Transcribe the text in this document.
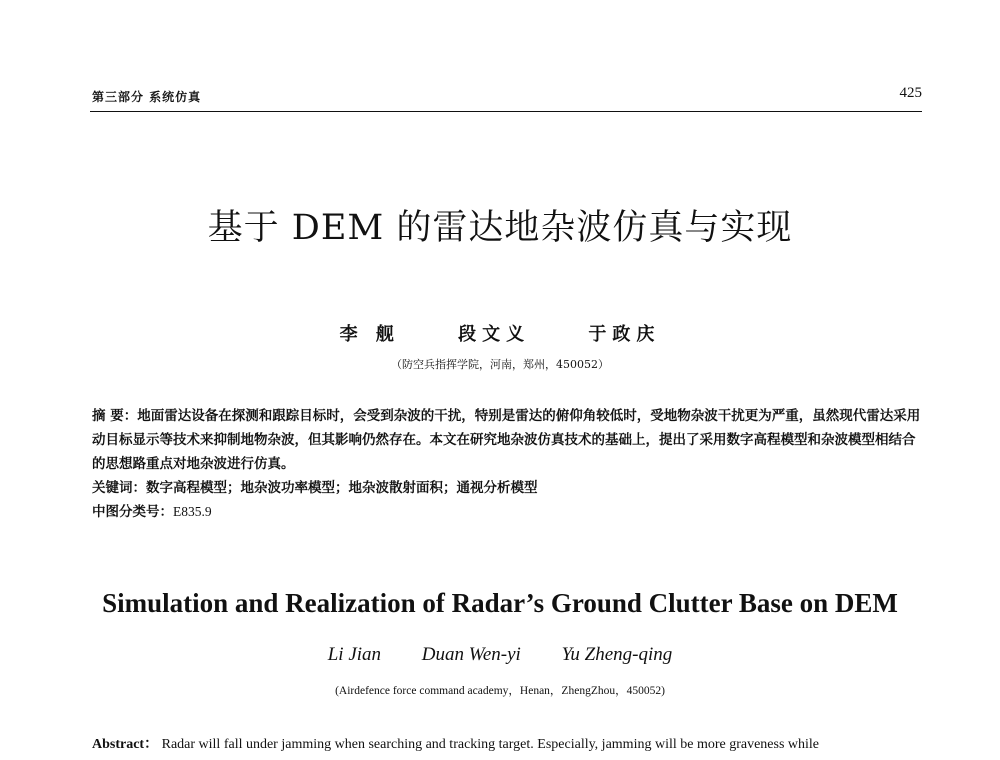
第三部分 系统仿真	425
基于 DEM 的雷达地杂波仿真与实现
李 舰	段文义	于政庆
（防空兵指挥学院，河南，郑州，450052）

摘 要：地面雷达设备在探测和跟踪目标时，会受到杂波的干扰，特别是雷达的俯仰角较低时，受地物杂波干扰更为严重，虽然现代雷达采用动目标显示等技术来抑制地物杂波，但其影响仍然存在。本文在研究地杂波仿真技术的基础上，提出了采用数字高程模型和杂波模型相结合的思想路重点对地杂波进行仿真。

关键词：数字高程模型；地杂波功率模型；地杂波散射面积；通视分析模型

中图分类号：E835.9

Simulation and Realization of Radar’s Ground Clutter Base on DEM
Li Jian Duan Wen-yi Yu Zheng-qing
(Airdefence force command academy，Henan，ZhengZhou，450052)
Abstract： Radar will fall under jamming when searching and tracking target. Especially, jamming will be more graveness while
